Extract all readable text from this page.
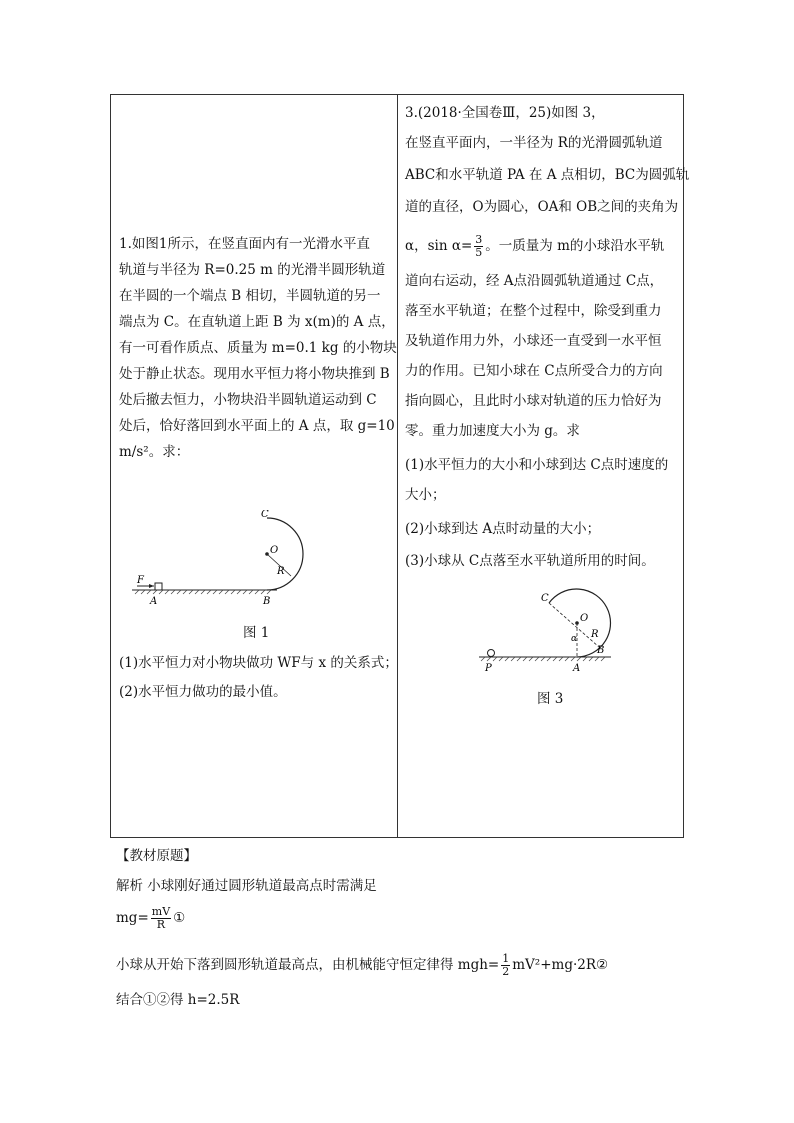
1.如图1所示，在竖直面内有一光滑水平直
轨道与半径为 R=0.25 m 的光滑半圆形轨道
在半圆的一个端点 B 相切，半圆轨道的另一
端点为 C。在直轨道上距 B 为 x(m)的 A 点，
有一可看作质点、质量为 m=0.1 kg 的小物块
处于静止状态。现用水平恒力将小物块推到 B
处后撤去恒力，小物块沿半圆轨道运动到 C
处后，恰好落回到水平面上的 A 点，取 g=10
m/s²。求：
C
O
R
F
A	B
图 1
(1)水平恒力对小物块做功 WF与 x 的关系式；
(2)水平恒力做功的最小值。
3.(2018·全国卷Ⅲ，25)如图 3，
在竖直平面内，一半径为 R的光滑圆弧轨道
ABC和水平轨道 PA 在 A 点相切，BC为圆弧轨
道的直径，O为圆心，OA和 OB之间的夹角为
α，$\sin \alpha= \frac{3}{5}$ 。一质量为 m的小球沿水平轨
道向右运动，经 A点沿圆弧轨道通过 C点，
落至水平轨道；在整个过程中，除受到重力
及轨道作用力外，小球还一直受到一水平恒
力的作用。已知小球在 C点所受合力的方向
指向圆心，且此时小球对轨道的压力恰好为
零。重力加速度大小为 g。求
(1)水平恒力的大小和小球到达 C点时速度的
大小；
(2)小球到达 A点时动量的大小；
(3)小球从 C点落至水平轨道所用的时间。
C
O
α R
P	A
B
图 3
【教材原题】
解析 小球刚好通过圆形轨道最高点时需满足
$mg= \frac{mV}{R}$ ①
小球从开始下落到圆形轨道最高点，由机械能守恒定律得 $mgh= \frac{1}{2}$ mV²+mg·2R②
结合①②得 h=2.5R
